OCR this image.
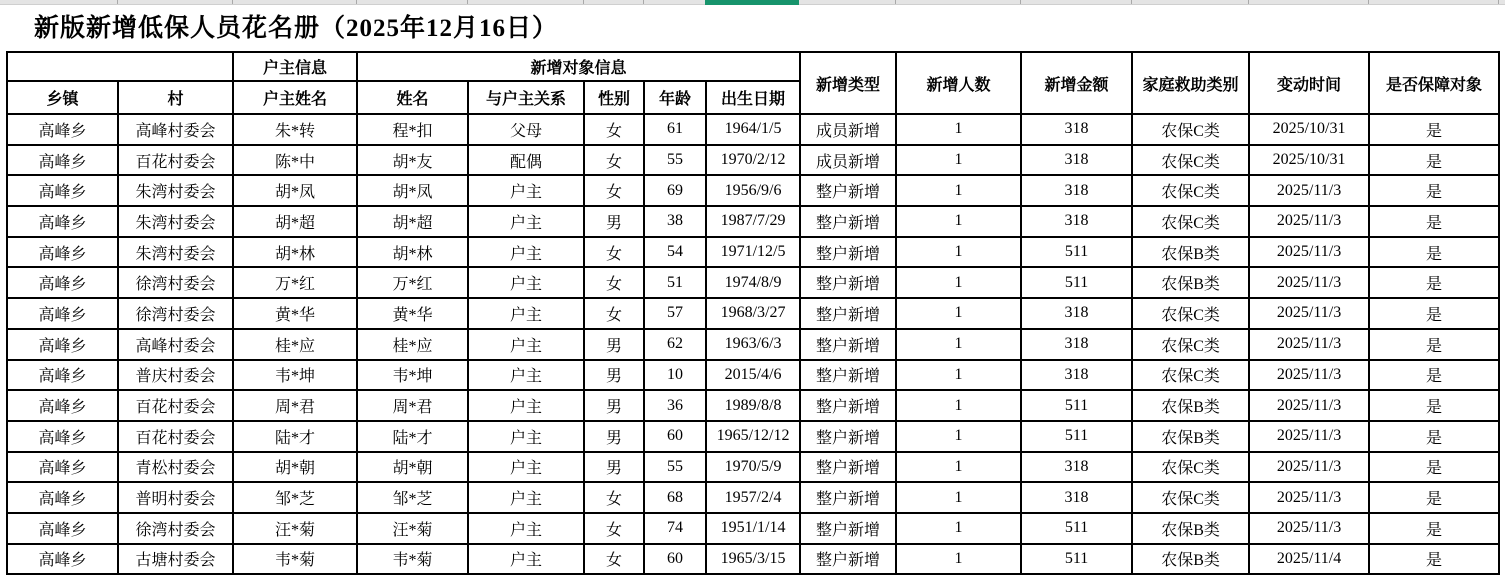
新版新增低保人员花名册（2025年12月16日）
		户主信息	新增对象信息					新增类型	新增人数	新增金额	家庭救助类别	变动时间	是否保障对象
乡镇	村	户主姓名	姓名	与户主关系	性别	年龄	出生日期						
高峰乡	高峰村委会	朱*转	程*扣	父母	女	61	1964/1/5	成员新增	1	318	农保C类	2025/10/31	是
高峰乡	百花村委会	陈*中	胡*友	配偶	女	55	1970/2/12	成员新增	1	318	农保C类	2025/10/31	是
高峰乡	朱湾村委会	胡*凤	胡*凤	户主	女	69	1956/9/6	整户新增	1	318	农保C类	2025/11/3	是
高峰乡	朱湾村委会	胡*超	胡*超	户主	男	38	1987/7/29	整户新增	1	318	农保C类	2025/11/3	是
高峰乡	朱湾村委会	胡*林	胡*林	户主	女	54	1971/12/5	整户新增	1	511	农保B类	2025/11/3	是
高峰乡	徐湾村委会	万*红	万*红	户主	女	51	1974/8/9	整户新增	1	511	农保B类	2025/11/3	是
高峰乡	徐湾村委会	黄*华	黄*华	户主	女	57	1968/3/27	整户新增	1	318	农保C类	2025/11/3	是
高峰乡	高峰村委会	桂*应	桂*应	户主	男	62	1963/6/3	整户新增	1	318	农保C类	2025/11/3	是
高峰乡	普庆村委会	韦*坤	韦*坤	户主	男	10	2015/4/6	整户新增	1	318	农保C类	2025/11/3	是
高峰乡	百花村委会	周*君	周*君	户主	男	36	1989/8/8	整户新增	1	511	农保B类	2025/11/3	是
高峰乡	百花村委会	陆*才	陆*才	户主	男	60	1965/12/12	整户新增	1	511	农保B类	2025/11/3	是
高峰乡	青松村委会	胡*朝	胡*朝	户主	男	55	1970/5/9	整户新增	1	318	农保C类	2025/11/3	是
高峰乡	普明村委会	邹*芝	邹*芝	户主	女	68	1957/2/4	整户新增	1	318	农保C类	2025/11/3	是
高峰乡	徐湾村委会	汪*菊	汪*菊	户主	女	74	1951/1/14	整户新增	1	511	农保B类	2025/11/3	是
高峰乡	古塘村委会	韦*菊	韦*菊	户主	女	60	1965/3/15	整户新增	1	511	农保B类	2025/11/4	是
